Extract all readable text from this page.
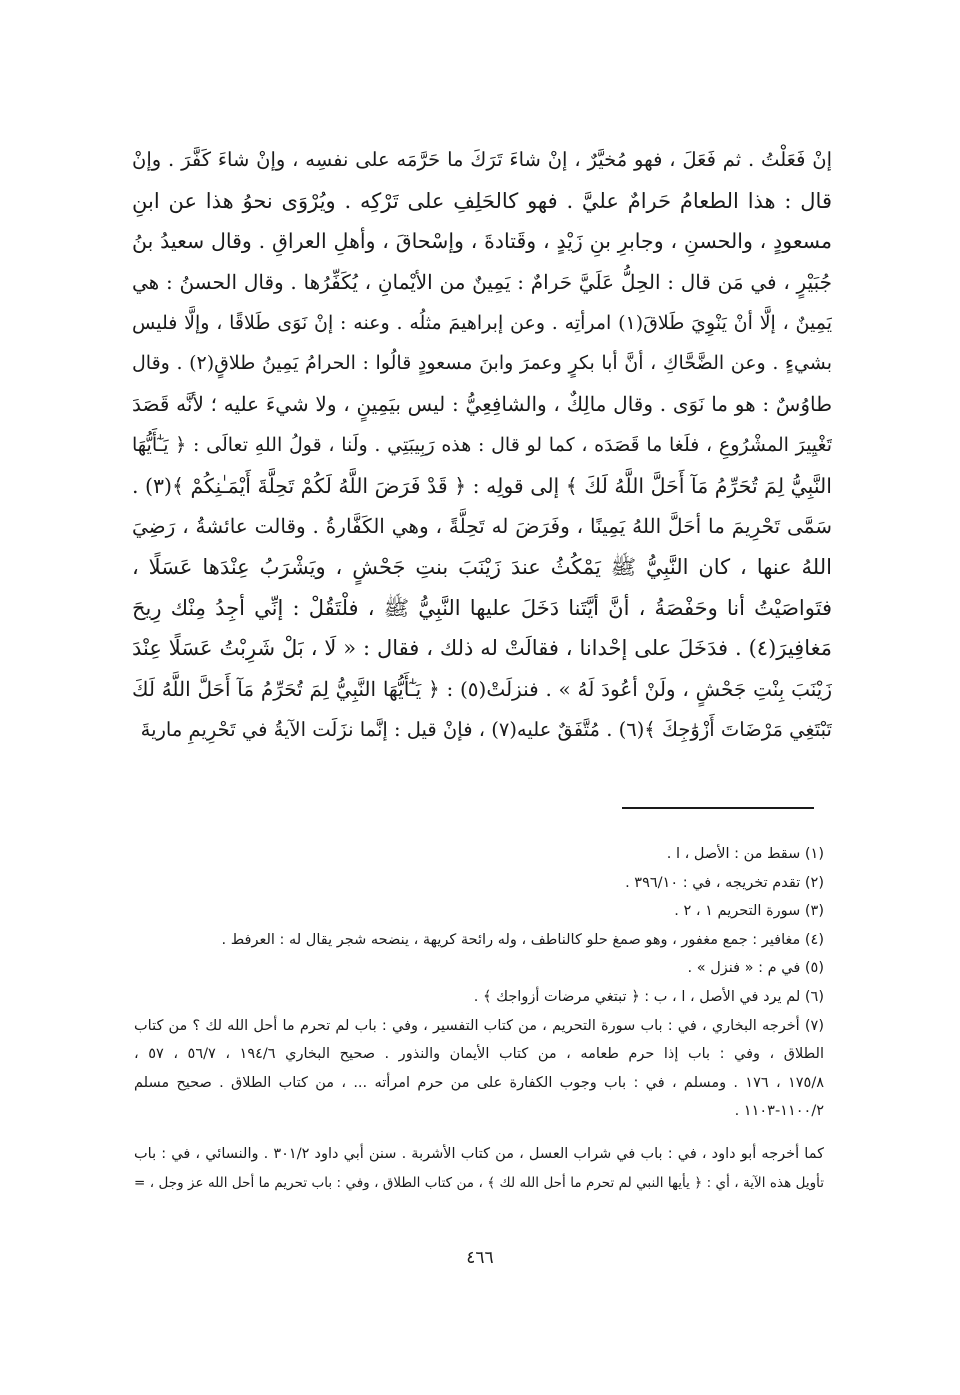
إنْ فَعَلْتُ . ثم فَعَلَ ، فهو مُخيَّرٌ ، إنْ شاءَ تَرَكَ ما حَرَّمَه على نفسِه ، وإنْ شاءَ كَفَّرَ . وإنْ
قال : هذا الطعامُ حَرامٌ عليَّ . فهو كالحَلِفِ على تَرْكِه . ويُرْوَى نحوُ هذا عن ابنِ
مسعودٍ ، والحسنِ ، وجابرِ بنِ زَيْدٍ ، وقَتادةَ ، وإسْحاقَ ، وأهلِ العراقِ . وقال سعيدُ بنُ
جُبَيْرٍ ، في مَن قال : الحِلُّ عَلَيَّ حَرامٌ : يَمِينٌ من الأيْمانِ ، يُكَفِّرُها . وقال الحسنُ : هي
يَمِينٌ ، إلَّا أنْ يَنْوِيَ طَلاقَ(١) امرأتِه . وعن إبراهيمَ مثلُه . وعنه : إنْ نَوَى طَلاقًا ، وإلَّا فليس
بشيءٍ . وعن الضَّحَّاكِ ، أنَّ أبا بكرٍ وعمرَ وابنَ مسعودٍ قالُوا : الحرامُ يَمِينُ طلاقٍ(٢) . وقال
طاوُسٌ : هو ما نَوَى . وقال مالِكٌ ، والشافِعِيُّ : ليس بيَمِينٍ ، ولا شيءَ عليه ؛ لأنَّه قَصَدَ
تَغْيِيرَ المشْرُوعِ ، فلَغا ما قَصَدَه ، كما لو قال : هذه رَبِيبَتِي . ولَنا ، قولُ اللهِ تعالَى : ﴿ يَـٰٓأَيُّهَا
النَّبِيُّ لِمَ تُحَرِّمُ مَآ أَحَلَّ اللَّهُ لَكَ ﴾ إلى قولِه : ﴿ قَدْ فَرَضَ اللَّهُ لَكُمْ تَحِلَّةَ أَيْمَـٰنِكُمْ ﴾(٣) .
سَمَّى تَحْرِيمَ ما أحَلَّ اللهُ يَمِينًا ، وفَرَضَ له تَحِلَّةً ، وهي الكَفَّارةُ . وقالت عائشةُ ، رَضِيَ
اللهُ عنها ، كان النَّبِيُّ ﷺ يَمْكُثُ عندَ زَيْنَبَ بنتِ جَحْشٍ ، ويَشْرَبُ عِنْدَها عَسَلًا ،
فتَواصَيْتُ أنا وحَفْصَةُ ، أنَّ أيَّتَنا دَخَلَ عليها النَّبِيُّ ﷺ ، فلْتَقُلْ : إنِّي أجِدُ مِنْك رِيحَ
مَغافِيرَ(٤) . فدَخَلَ على إحْدانا ، فقالَتْ له ذلك ، فقال : « لَا ، بَلْ شَرِبْتُ عَسَلًا عِنْدَ
زَيْنَبَ بِنْتِ جَحْشٍ ، ولَنْ أعُودَ لَهُ » . فنزلَتْ(٥) : ﴿ يَـٰٓأَيُّهَا النَّبِيُّ لِمَ تُحَرِّمُ مَآ أَحَلَّ اللَّهُ لَكَ
تَبْتَغِي مَرْضَاتَ أَزْوَٰجِكَ ﴾(٦) . مُتَّفَقٌ عليه(٧) ، فإنْ قيل : إنَّما نزَلَت الآيةُ في تَحْرِيمِ ماريةَ
(١) سقط من : الأصل ، ا .
(٢) تقدم تخريجه ، في : ٣٩٦/١٠ .
(٣) سورة التحريم ١ ، ٢ .
(٤) مغافير : جمع مغفور ، وهو صمغ حلو كالناطف ، وله رائحة كريهة ، ينضحه شجر يقال له : العرفط .
(٥) في م : « فنزل » .
(٦) لم يرد في الأصل ، ا ، ب : ﴿ تبتغي مرضات أزواجك ﴾ .
(٧) أخرجه البخاري ، في : باب سورة التحريم ، من كتاب التفسير ، وفي : باب لم تحرم ما أحل الله لك ؟ من كتاب
الطلاق ، وفي : باب إذا حرم طعامه ، من كتاب الأيمان والنذور . صحيح البخاري ١٩٤/٦ ، ٥٦/٧ ، ٥٧ ،
١٧٥/٨ ، ١٧٦ . ومسلم ، في : باب وجوب الكفارة على من حرم امرأته ... ، من كتاب الطلاق . صحيح مسلم
١١٠٠/٢-١١٠٣ .
كما أخرجه أبو داود ، في : باب في شراب العسل ، من كتاب الأشربة . سنن أبي داود ٣٠١/٢ . والنسائي ، في : باب
تأويل هذه الآية ، أي : ﴿ يأيها النبي لم تحرم ما أحل الله لك ﴾ ، من كتاب الطلاق ، وفي : باب تحريم ما أحل الله عز وجل ، =
٤٦٦
